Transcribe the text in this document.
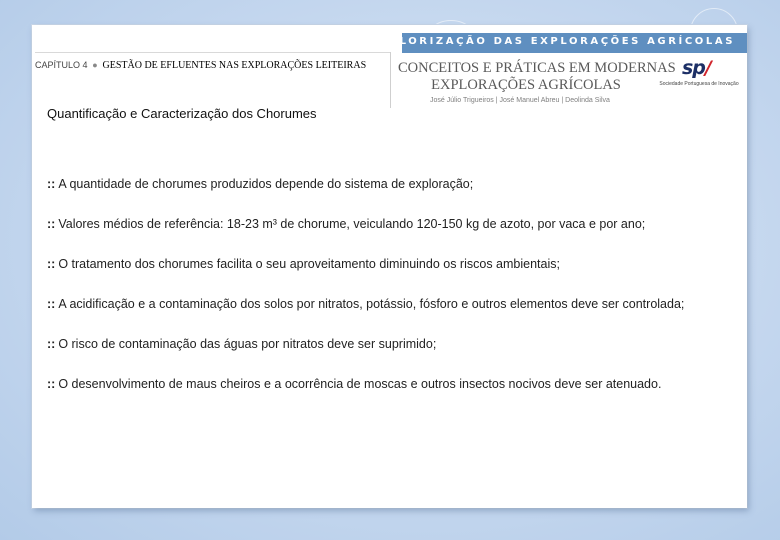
VALORIZAÇÃO DAS EXPLORAÇÕES AGRÍCOLAS
CAPÍTULO 4 ● GESTÃO DE EFLUENTES NAS EXPLORAÇÕES LEITEIRAS	CONCEITOS E PRÁTICAS EM MODERNAS
EXPLORAÇÕES AGRÍCOLAS
José Júlio Trigueiros | José Manuel Abreu | Deolinda Silva
sp/
Sociedade Portuguesa de Inovação
Quantificação e Caracterização dos Chorumes

:: A quantidade de chorumes produzidos depende do sistema de exploração;

:: Valores médios de referência: 18-23 m³ de chorume, veiculando 120-150 kg de azoto, por vaca e por ano;

:: O tratamento dos chorumes facilita o seu aproveitamento diminuindo os riscos ambientais;

:: A acidificação e a contaminação dos solos por nitratos, potássio, fósforo e outros elementos deve ser controlada;

:: O risco de contaminação das águas por nitratos deve ser suprimido;

:: O desenvolvimento de maus cheiros e a ocorrência de moscas e outros insectos nocivos deve ser atenuado.
